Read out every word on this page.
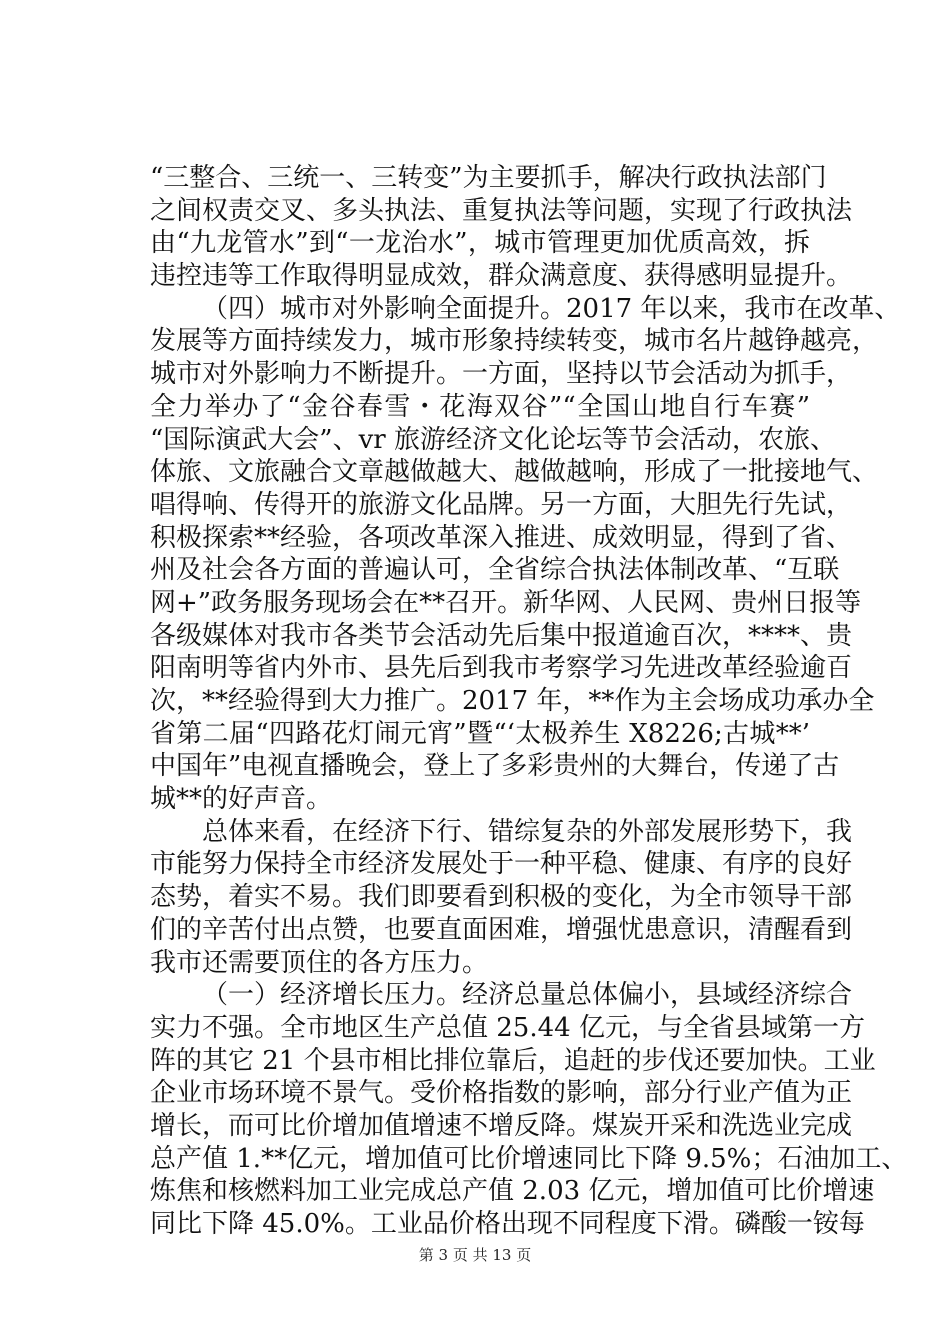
“三整合、三统一、三转变”为主要抓手，解决行政执法部门
之间权责交叉、多头执法、重复执法等问题，实现了行政执法
由“九龙管水”到“一龙治水”，城市管理更加优质高效，拆
违控违等工作取得明显成效，群众满意度、获得感明显提升。
（四）城市对外影响全面提升。2017 年以来，我市在改革、
发展等方面持续发力，城市形象持续转变，城市名片越铮越亮，
城市对外影响力不断提升。一方面，坚持以节会活动为抓手，
全力举办了“金谷春雪・花海双谷”“全国山地自行车赛”
“国际演武大会”、vr 旅游经济文化论坛等节会活动，农旅、
体旅、文旅融合文章越做越大、越做越响，形成了一批接地气、
唱得响、传得开的旅游文化品牌。另一方面，大胆先行先试，
积极探索**经验，各项改革深入推进、成效明显，得到了省、
州及社会各方面的普遍认可，全省综合执法体制改革、“互联
网+”政务服务现场会在**召开。新华网、人民网、贵州日报等
各级媒体对我市各类节会活动先后集中报道逾百次，****、贵
阳南明等省内外市、县先后到我市考察学习先进改革经验逾百
次，**经验得到大力推广。2017 年，**作为主会场成功承办全
省第二届“四路花灯闹元宵”暨“‘太极养生 X8226;古城**’
中国年”电视直播晚会，登上了多彩贵州的大舞台，传递了古
城**的好声音。
总体来看，在经济下行、错综复杂的外部发展形势下，我
市能努力保持全市经济发展处于一种平稳、健康、有序的良好
态势，着实不易。我们即要看到积极的变化，为全市领导干部
们的辛苦付出点赞，也要直面困难，增强忧患意识，清醒看到
我市还需要顶住的各方压力。
（一）经济增长压力。经济总量总体偏小，县域经济综合
实力不强。全市地区生产总值 25.44 亿元，与全省县域第一方
阵的其它 21 个县市相比排位靠后，追赶的步伐还要加快。工业
企业市场环境不景气。受价格指数的影响，部分行业产值为正
增长，而可比价增加值增速不增反降。煤炭开采和洗选业完成
总产值 1.**亿元，增加值可比价增速同比下降 9.5%；石油加工、
炼焦和核燃料加工业完成总产值 2.03 亿元，增加值可比价增速
同比下降 45.0%。工业品价格出现不同程度下滑。磷酸一铵每
第 3 页 共 13 页
